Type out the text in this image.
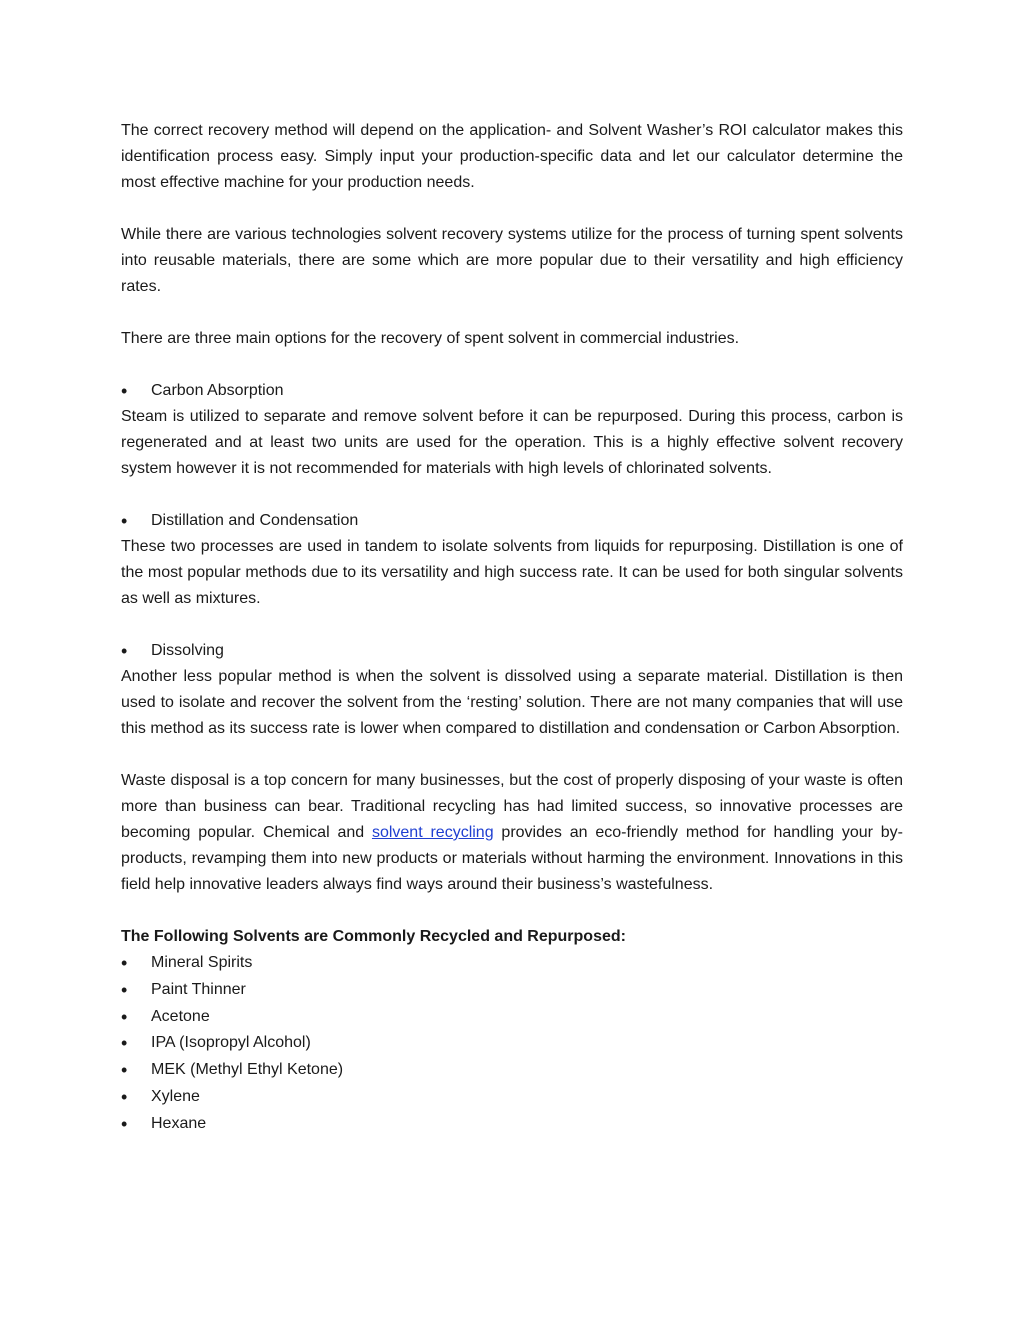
The correct recovery method will depend on the application- and Solvent Washer’s ROI calculator makes this identification process easy. Simply input your production-specific data and let our calculator determine the most effective machine for your production needs.

While there are various technologies solvent recovery systems utilize for the process of turning spent solvents into reusable materials, there are some which are more popular due to their versatility and high efficiency rates.

There are three main options for the recovery of spent solvent in commercial industries.

• Carbon Absorption

Steam is utilized to separate and remove solvent before it can be repurposed. During this process, carbon is regenerated and at least two units are used for the operation. This is a highly effective solvent recovery system however it is not recommended for materials with high levels of chlorinated solvents.

• Distillation and Condensation

These two processes are used in tandem to isolate solvents from liquids for repurposing. Distillation is one of the most popular methods due to its versatility and high success rate. It can be used for both singular solvents as well as mixtures.

• Dissolving

Another less popular method is when the solvent is dissolved using a separate material. Distillation is then used to isolate and recover the solvent from the ‘resting’ solution. There are not many companies that will use this method as its success rate is lower when compared to distillation and condensation or Carbon Absorption.

Waste disposal is a top concern for many businesses, but the cost of properly disposing of your waste is often more than business can bear. Traditional recycling has had limited success, so innovative processes are becoming popular. Chemical and solvent recycling provides an eco-friendly method for handling your by-products, revamping them into new products or materials without harming the environment. Innovations in this field help innovative leaders always find ways around their business’s wastefulness.

The Following Solvents are Commonly Recycled and Repurposed:

• Mineral Spirits

• Paint Thinner

• Acetone

• IPA (Isopropyl Alcohol)

• MEK (Methyl Ethyl Ketone)

• Xylene

• Hexane
